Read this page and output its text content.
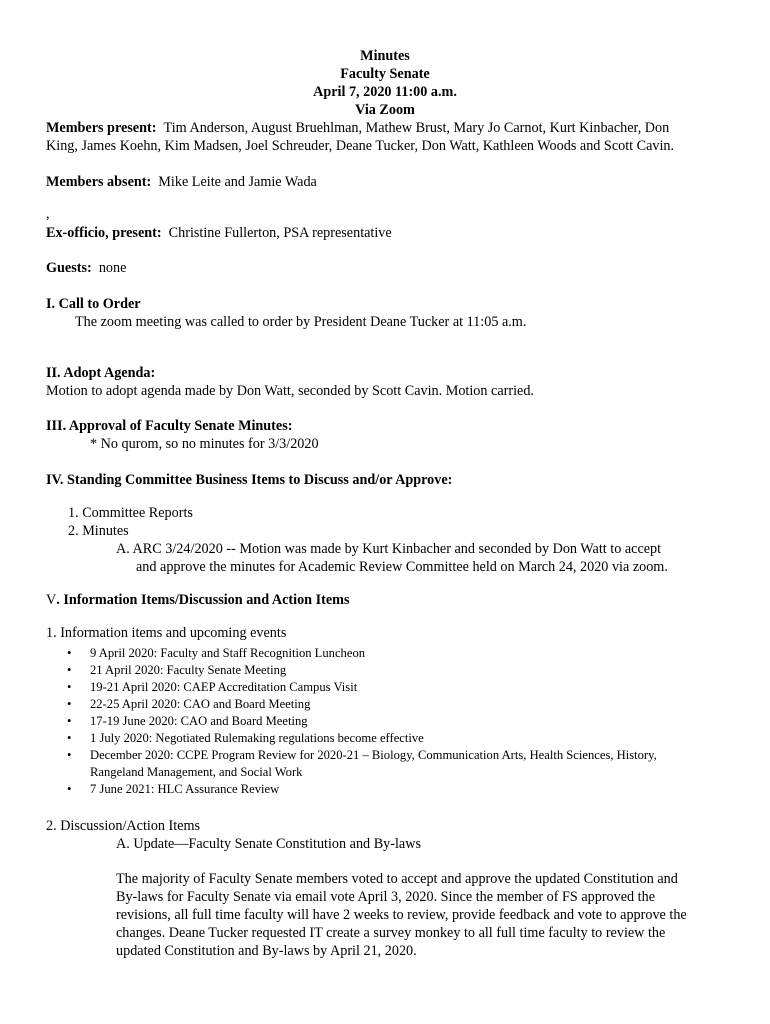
Minutes
Faculty Senate
April 7, 2020 11:00 a.m.
Via Zoom
Members present: Tim Anderson, August Bruehlman, Mathew Brust, Mary Jo Carnot, Kurt Kinbacher, Don
King, James Koehn, Kim Madsen, Joel Schreuder, Deane Tucker, Don Watt, Kathleen Woods and Scott Cavin.
Members absent: Mike Leite and Jamie Wada
,
Ex-officio, present: Christine Fullerton, PSA representative
Guests: none
I. Call to Order
The zoom meeting was called to order by President Deane Tucker at 11:05 a.m.
II. Adopt Agenda:
Motion to adopt agenda made by Don Watt, seconded by Scott Cavin. Motion carried.
III. Approval of Faculty Senate Minutes:
* No qurom, so no minutes for 3/3/2020
IV. Standing Committee Business Items to Discuss and/or Approve:
1. Committee Reports
2. Minutes
A. ARC 3/24/2020 -- Motion was made by Kurt Kinbacher and seconded by Don Watt to accept
and approve the minutes for Academic Review Committee held on March 24, 2020 via zoom.
V. Information Items/Discussion and Action Items
1. Information items and upcoming events
• 9 April 2020: Faculty and Staff Recognition Luncheon
• 21 April 2020: Faculty Senate Meeting
• 19-21 April 2020: CAEP Accreditation Campus Visit
• 22-25 April 2020: CAO and Board Meeting
• 17-19 June 2020: CAO and Board Meeting
• 1 July 2020: Negotiated Rulemaking regulations become effective
• December 2020: CCPE Program Review for 2020-21 – Biology, Communication Arts, Health Sciences, History,
Rangeland Management, and Social Work
• 7 June 2021: HLC Assurance Review
2. Discussion/Action Items
A. Update—Faculty Senate Constitution and By-laws
The majority of Faculty Senate members voted to accept and approve the updated Constitution and
By-laws for Faculty Senate via email vote April 3, 2020. Since the member of FS approved the
revisions, all full time faculty will have 2 weeks to review, provide feedback and vote to approve the
changes. Deane Tucker requested IT create a survey monkey to all full time faculty to review the
updated Constitution and By-laws by April 21, 2020.
